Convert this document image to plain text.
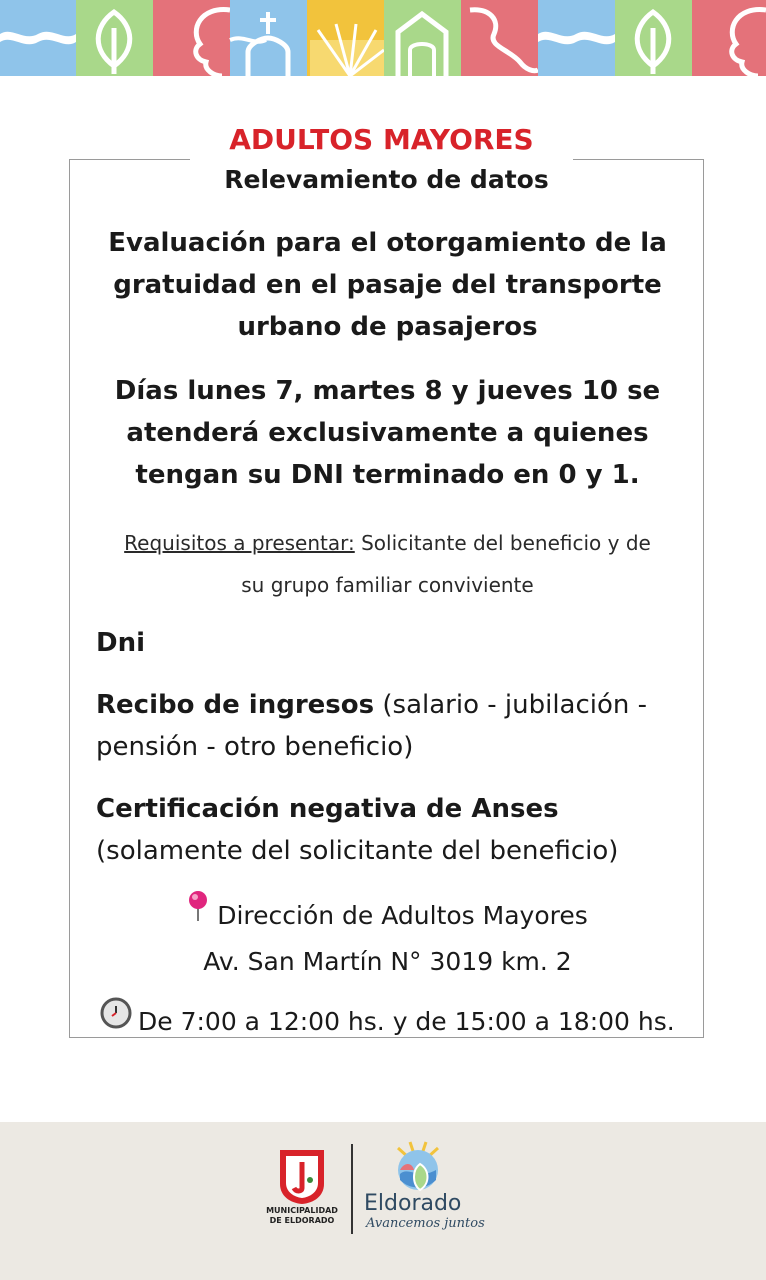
ADULTOS MAYORES
Relevamiento de datos
Evaluación para el otorgamiento de la
gratuidad en el pasaje del transporte
urbano de pasajeros
Días lunes 7, martes 8 y jueves 10 se
atenderá exclusivamente a quienes
tengan su DNI terminado en 0 y 1.
Requisitos a presentar: Solicitante del beneficio y de
su grupo familiar conviviente
Dni
Recibo de ingresos (salario - jubilación -
pensión - otro beneficio)
Certificación negativa de Anses
(solamente del solicitante del beneficio)
Dirección de Adultos Mayores
Av. San Martín N° 3019 km. 2
De 7:00 a 12:00 hs. y de 15:00 a 18:00 hs.
MUNICIPALIDAD
DE ELDORADO
Eldorado
Avancemos juntos
